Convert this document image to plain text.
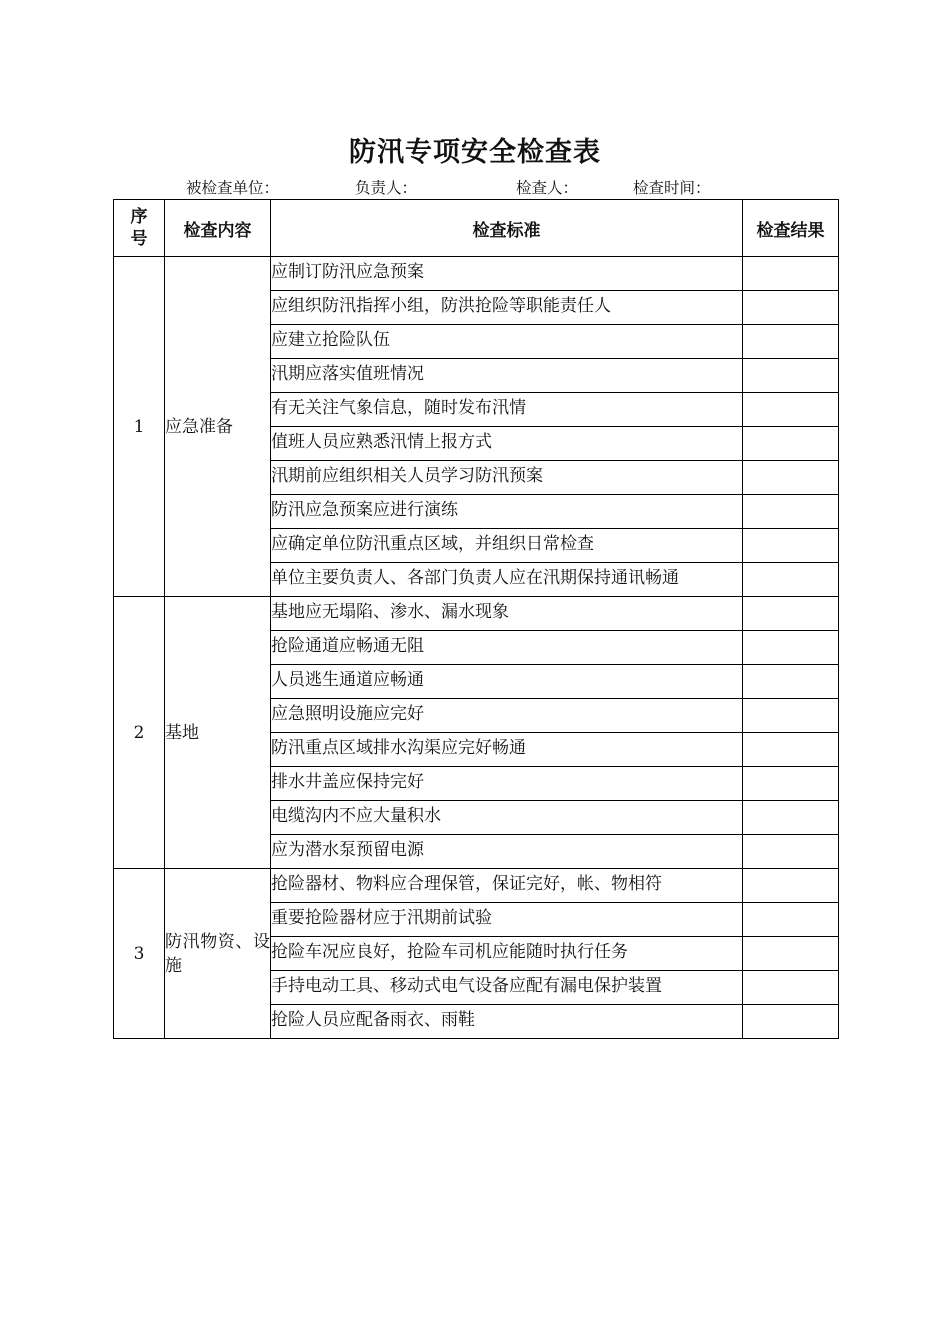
防汛专项安全检查表
被检查单位：	负责人：	检查人：	检查时间：
序号	检查内容	检查标准	检查结果
1	应急准备	应制订防汛应急预案	

		应组织防汛指挥小组，防洪抢险等职能责任人	

		应建立抢险队伍	

		汛期应落实值班情况	

		有无关注气象信息，随时发布汛情	

		值班人员应熟悉汛情上报方式	

		汛期前应组织相关人员学习防汛预案	

		防汛应急预案应进行演练	

		应确定单位防汛重点区域，并组织日常检查	

		单位主要负责人、各部门负责人应在汛期保持通讯畅通	

2	基地	基地应无塌陷、渗水、漏水现象	

		抢险通道应畅通无阻	

		人员逃生通道应畅通	

		应急照明设施应完好	

		防汛重点区域排水沟渠应完好畅通	

		排水井盖应保持完好	

		电缆沟内不应大量积水	

		应为潜水泵预留电源	

3	防汛物资、设施	抢险器材、物料应合理保管，保证完好，帐、物相符	

		重要抢险器材应于汛期前试验	

		抢险车况应良好，抢险车司机应能随时执行任务	

		手持电动工具、移动式电气设备应配有漏电保护装置	

		抢险人员应配备雨衣、雨鞋	
